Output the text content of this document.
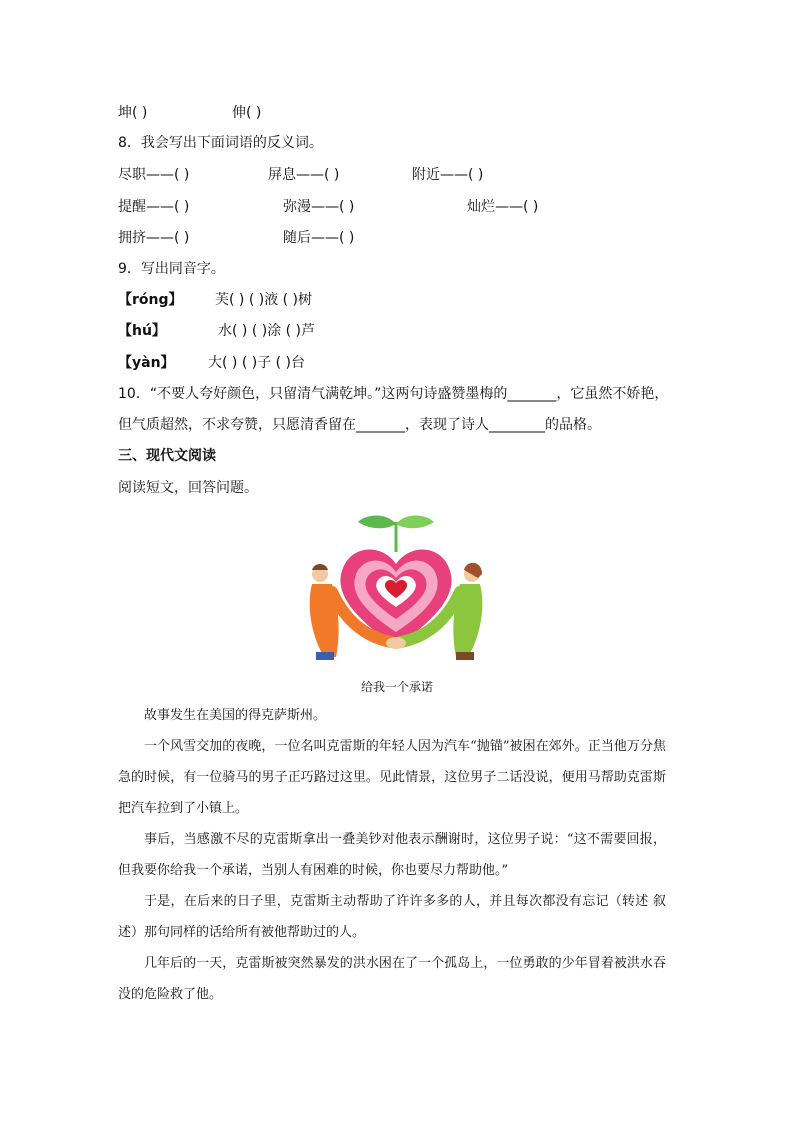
坤( )	伸( )
8．我会写出下面词语的反义词。
尽职——( )	屏息——( )	附近——( )
提醒——( )	弥漫——( )	灿烂——( )
拥挤——( )	随后——( )
9．写出同音字。
【róng】 芙( ) ( )液 ( )树
【hú】	水( ) ( )涂 ( )芦
【yàn】 大( ) ( )子 ( )台
10．“不要人夸好颜色，只留清气满乾坤。”这两句诗盛赞墨梅的_______，它虽然不娇艳，
但气质超然，不求夸赞，只愿清香留在_______，表现了诗人________的品格。
三、现代文阅读
阅读短文，回答问题。
给我一个承诺

故事发生在美国的得克萨斯州。

一个风雪交加的夜晚，一位名叫克雷斯的年轻人因为汽车“抛锚”被困在郊外。正当他万分焦急的时候，有一位骑马的男子正巧路过这里。见此情景，这位男子二话没说，便用马帮助克雷斯把汽车拉到了小镇上。

事后，当感激不尽的克雷斯拿出一叠美钞对他表示酬谢时，这位男子说：“这不需要回报，但我要你给我一个承诺，当别人有困难的时候，你也要尽力帮助他。”

于是，在后来的日子里，克雷斯主动帮助了许许多多的人，并且每次都没有忘记（转述 叙述）那句同样的话给所有被他帮助过的人。

几年后的一天，克雷斯被突然暴发的洪水困在了一个孤岛上，一位勇敢的少年冒着被洪水吞没的危险救了他。
